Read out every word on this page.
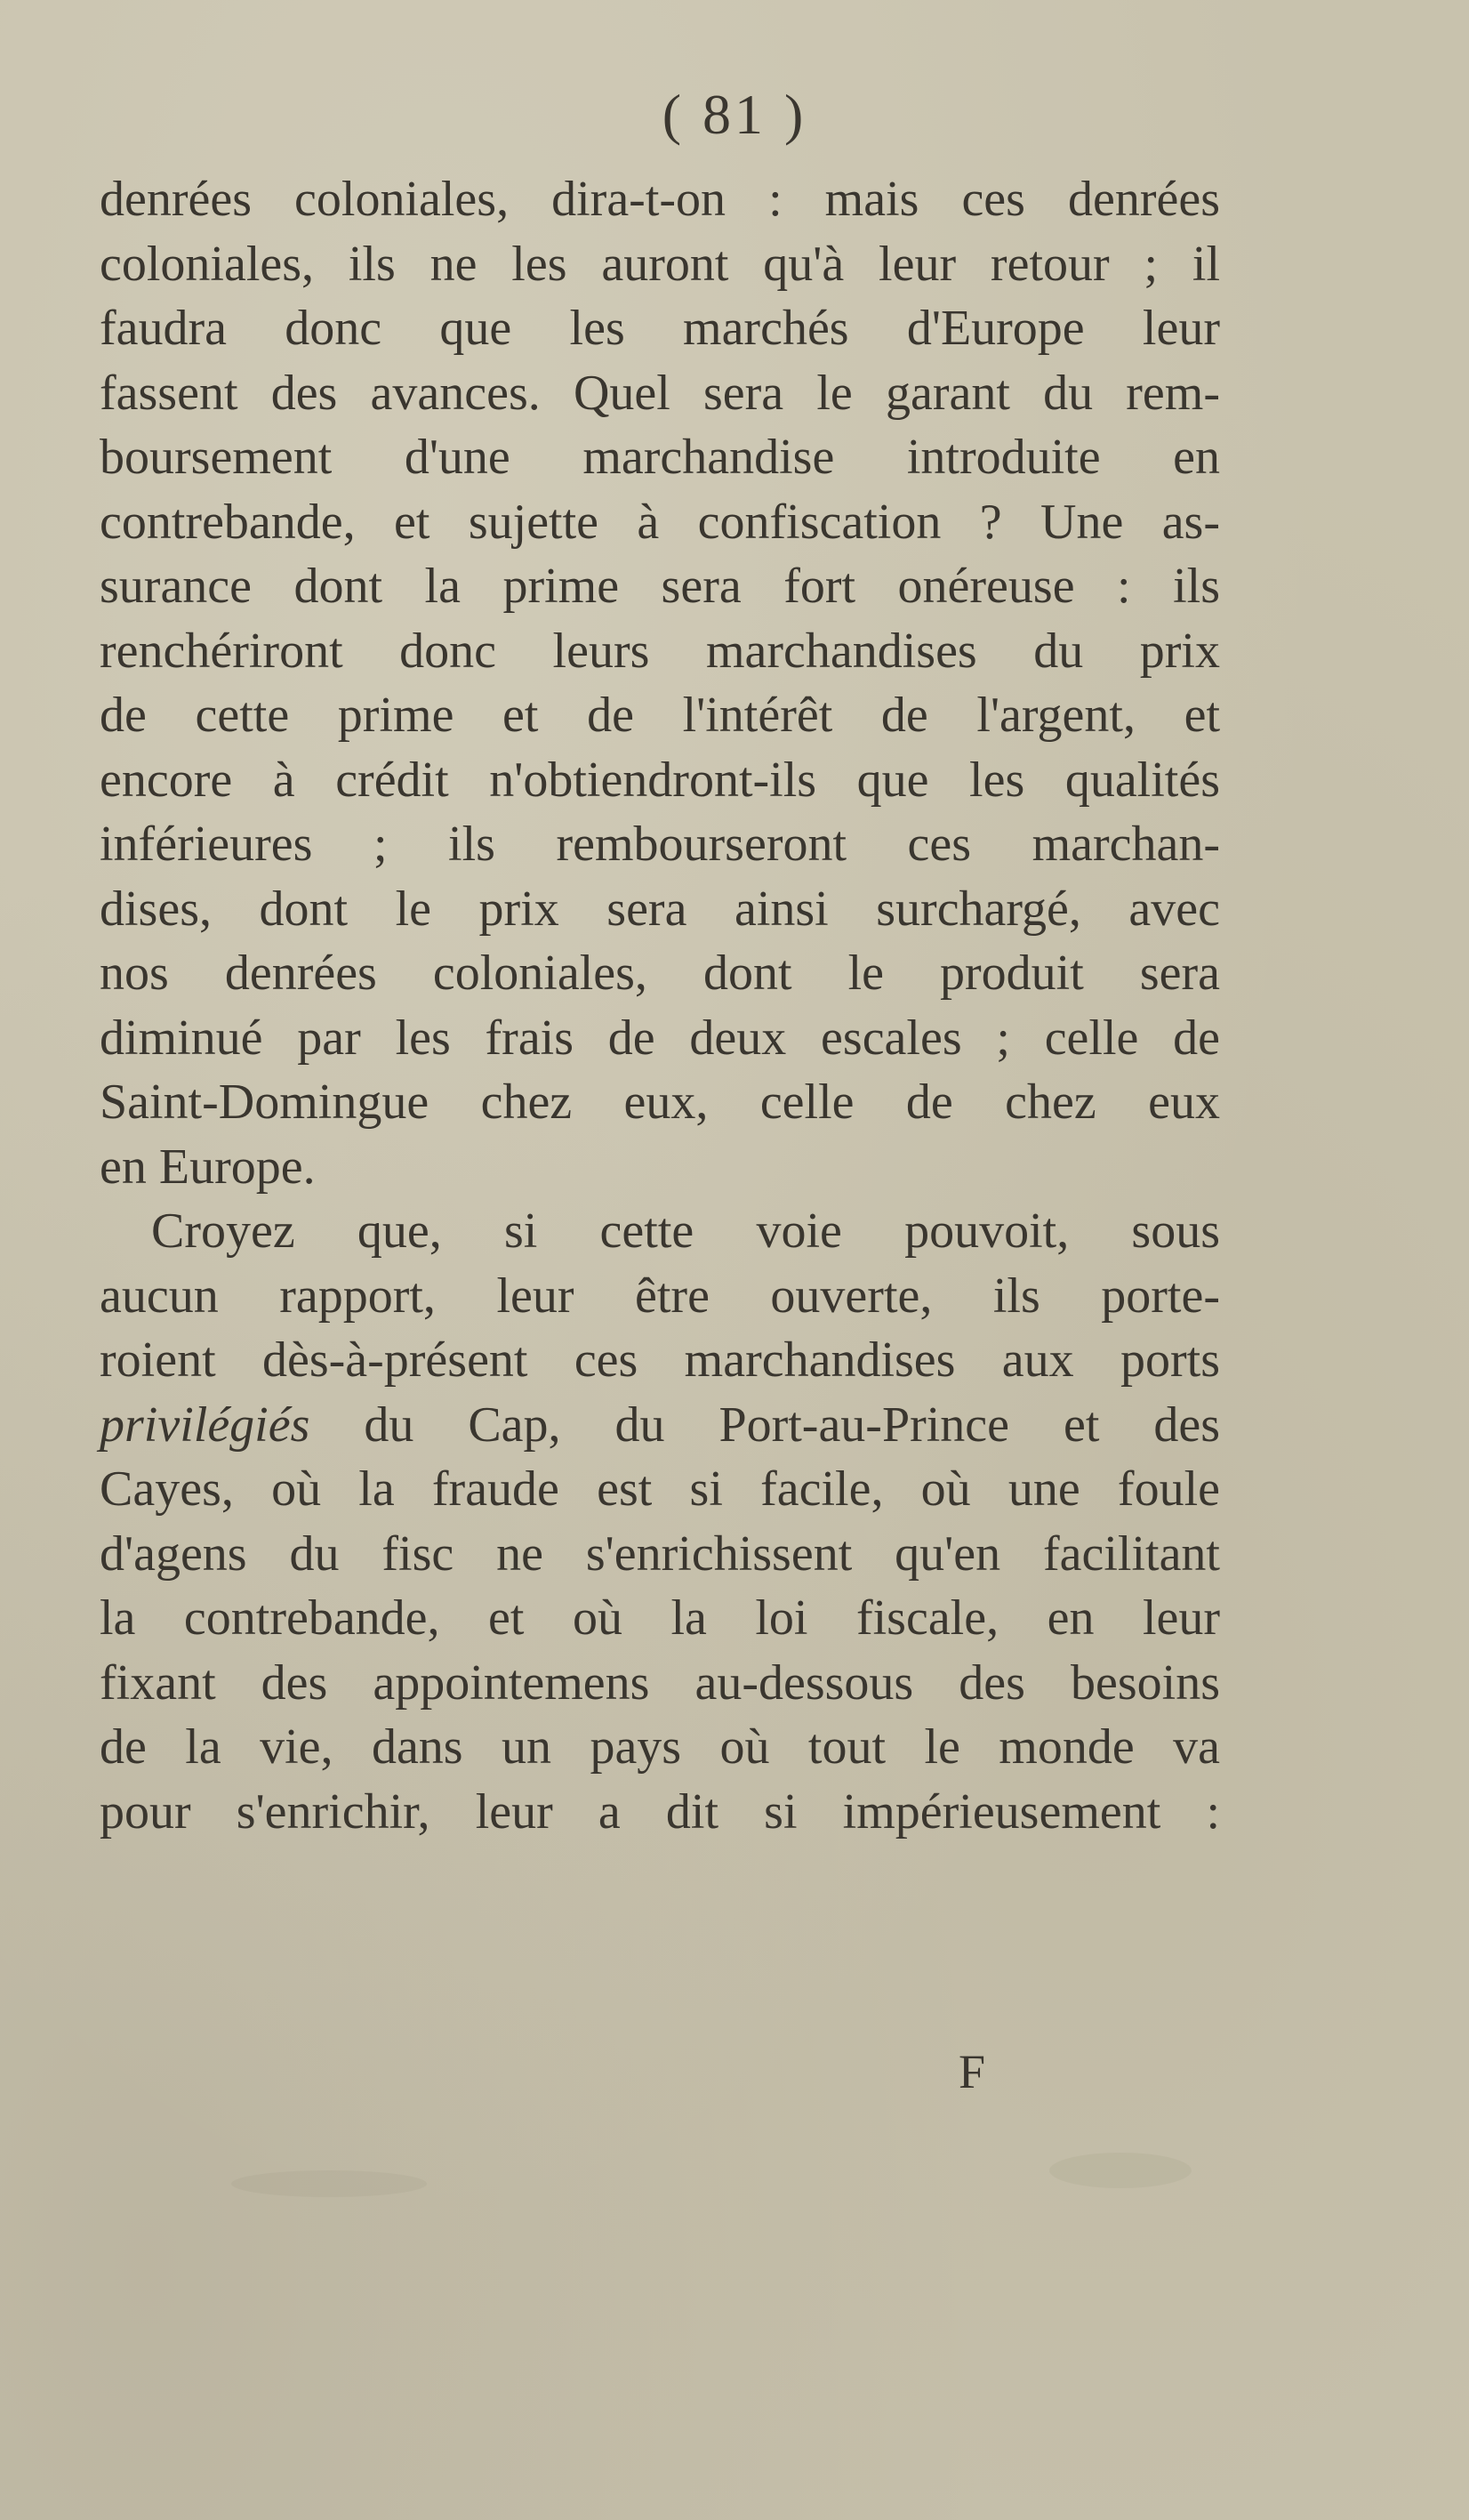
( 81 )
denrées coloniales, dira-t-on : mais ces denrées
coloniales, ils ne les auront qu'à leur retour ; il
faudra donc que les marchés d'Europe leur
fassent des avances. Quel sera le garant du rem-
boursement d'une marchandise introduite en
contrebande, et sujette à confiscation ? Une as-
surance dont la prime sera fort onéreuse : ils
renchériront donc leurs marchandises du prix
de cette prime et de l'intérêt de l'argent, et
encore à crédit n'obtiendront-ils que les qualités
inférieures ; ils rembourseront ces marchan-
dises, dont le prix sera ainsi surchargé, avec
nos denrées coloniales, dont le produit sera
diminué par les frais de deux escales ; celle de
Saint-Domingue chez eux, celle de chez eux
en Europe.
Croyez que, si cette voie pouvoit, sous
aucun rapport, leur être ouverte, ils porte-
roient dès-à-présent ces marchandises aux ports
privilégiés du Cap, du Port-au-Prince et des
Cayes, où la fraude est si facile, où une foule
d'agens du fisc ne s'enrichissent qu'en facilitant
la contrebande, et où la loi fiscale, en leur
fixant des appointemens au-dessous des besoins
de la vie, dans un pays où tout le monde va
pour s'enrichir, leur a dit si impérieusement :
F
